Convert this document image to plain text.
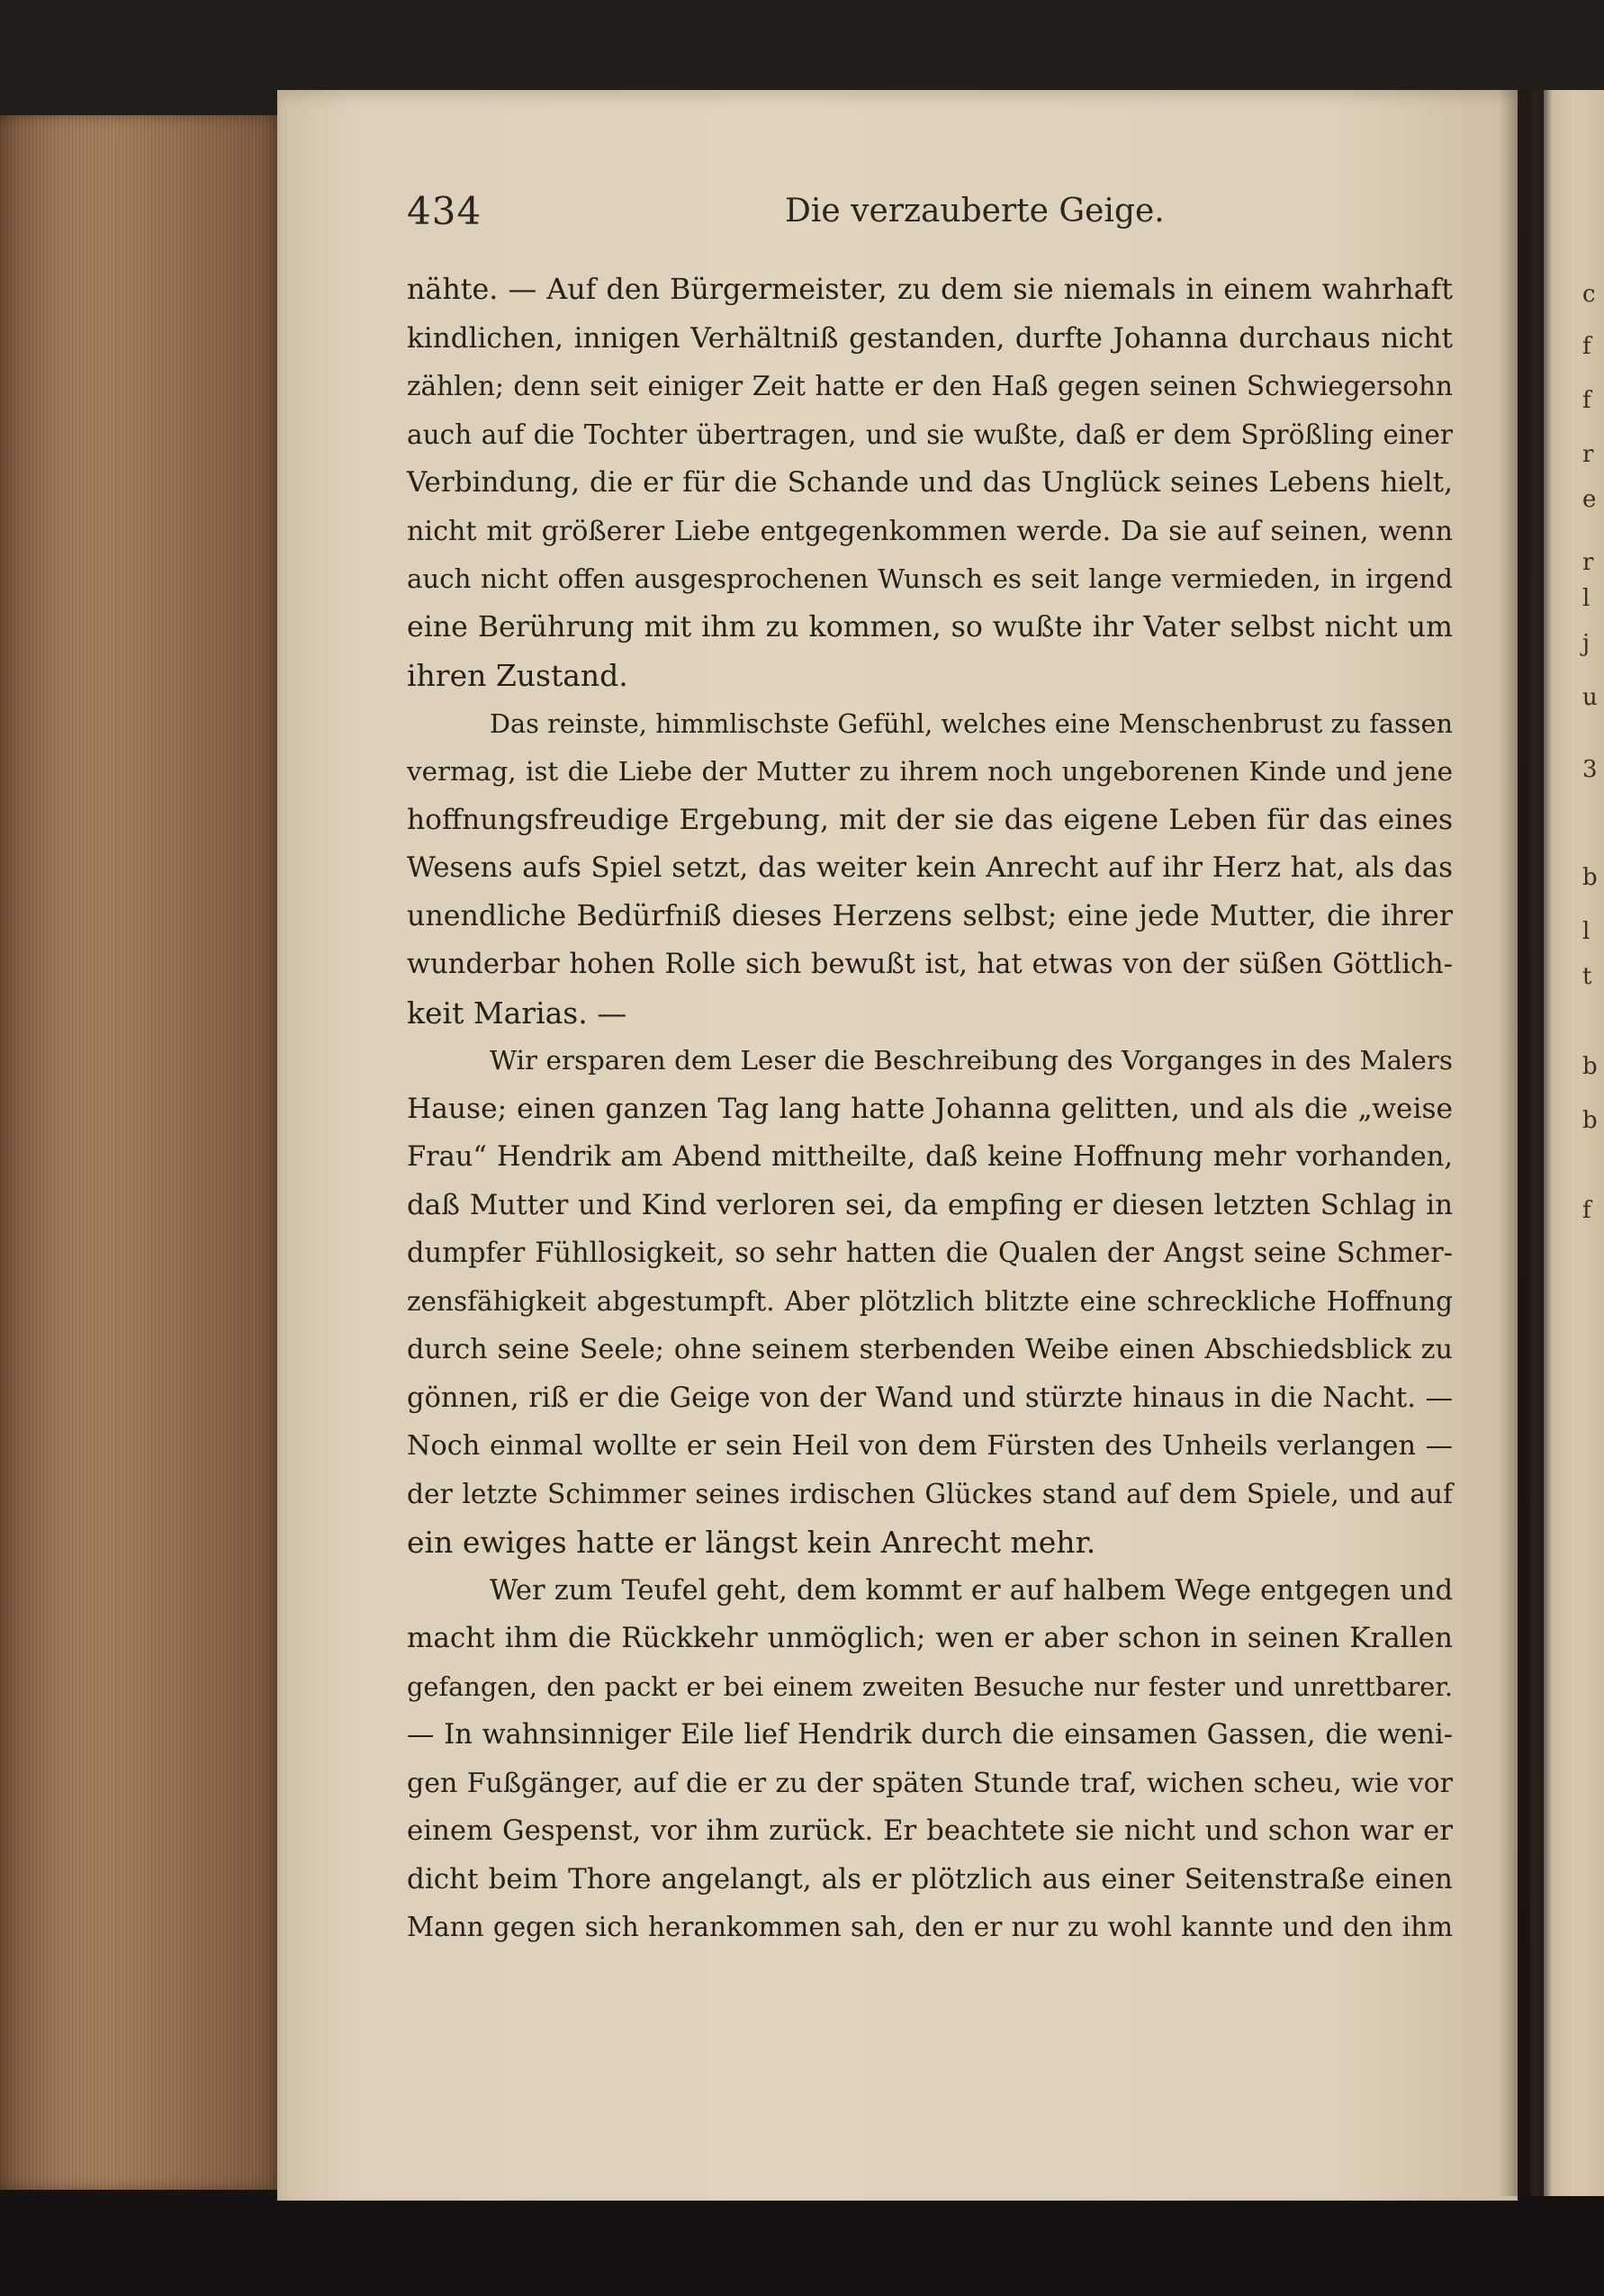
c
f
f
r
e
r
l
j
u
3
b
l
t
b
b
f
434	Die verzauberte Geige.
nähte. — Auf den Bürgermeister, zu dem sie niemals in einem wahrhaft
kindlichen, innigen Verhältniß gestanden, durfte Johanna durchaus nicht
zählen; denn seit einiger Zeit hatte er den Haß gegen seinen Schwiegersohn
auch auf die Tochter übertragen, und sie wußte, daß er dem Sprößling einer
Verbindung, die er für die Schande und das Unglück seines Lebens hielt,
nicht mit größerer Liebe entgegenkommen werde. Da sie auf seinen, wenn
auch nicht offen ausgesprochenen Wunsch es seit lange vermieden, in irgend
eine Berührung mit ihm zu kommen, so wußte ihr Vater selbst nicht um
ihren Zustand.
Das reinste, himmlischste Gefühl, welches eine Menschenbrust zu fassen
vermag, ist die Liebe der Mutter zu ihrem noch ungeborenen Kinde und jene
hoffnungsfreudige Ergebung, mit der sie das eigene Leben für das eines
Wesens aufs Spiel setzt, das weiter kein Anrecht auf ihr Herz hat, als das
unendliche Bedürfniß dieses Herzens selbst; eine jede Mutter, die ihrer
wunderbar hohen Rolle sich bewußt ist, hat etwas von der süßen Göttlich-
keit Marias. —
Wir ersparen dem Leser die Beschreibung des Vorganges in des Malers
Hause; einen ganzen Tag lang hatte Johanna gelitten, und als die „weise
Frau“ Hendrik am Abend mittheilte, daß keine Hoffnung mehr vorhanden,
daß Mutter und Kind verloren sei, da empfing er diesen letzten Schlag in
dumpfer Fühllosigkeit, so sehr hatten die Qualen der Angst seine Schmer-
zensfähigkeit abgestumpft. Aber plötzlich blitzte eine schreckliche Hoffnung
durch seine Seele; ohne seinem sterbenden Weibe einen Abschiedsblick zu
gönnen, riß er die Geige von der Wand und stürzte hinaus in die Nacht. —
Noch einmal wollte er sein Heil von dem Fürsten des Unheils verlangen —
der letzte Schimmer seines irdischen Glückes stand auf dem Spiele, und auf
ein ewiges hatte er längst kein Anrecht mehr.
Wer zum Teufel geht, dem kommt er auf halbem Wege entgegen und
macht ihm die Rückkehr unmöglich; wen er aber schon in seinen Krallen
gefangen, den packt er bei einem zweiten Besuche nur fester und unrettbarer.
— In wahnsinniger Eile lief Hendrik durch die einsamen Gassen, die weni-
gen Fußgänger, auf die er zu der späten Stunde traf, wichen scheu, wie vor
einem Gespenst, vor ihm zurück. Er beachtete sie nicht und schon war er
dicht beim Thore angelangt, als er plötzlich aus einer Seitenstraße einen
Mann gegen sich herankommen sah, den er nur zu wohl kannte und den ihm
